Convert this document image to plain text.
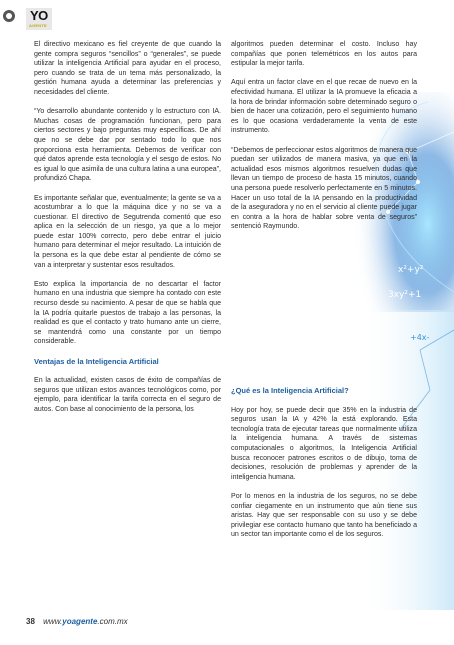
x²+y²
3xy²+1
+4x-
YO
AGENTE

El directivo mexicano es fiel creyente de que cuando la gente compra seguros “sencillos” o “generales”, se puede utilizar la inteligencia Artificial para ayudar en el proceso, pero cuando se trata de un tema más personalizado, la gestión humana ayuda a determinar las preferencias y necesidades del cliente.

“Yo desarrollo abundante contenido y lo estructuro con IA. Muchas cosas de programación funcionan, pero para ciertos sectores y bajo preguntas muy específicas. De ahí que no se debe dar por sentado todo lo que nos proporciona esta herramienta. Debemos de verificar con qué datos aprende esta tecnología y el sesgo de estos. No es igual lo que asimila de una cultura latina a una europea”, profundizó Chapa.

Es importante señalar que, eventualmente; la gente se va a acostumbrar a lo que la máquina dice y no se va a cuestionar. El directivo de Segutrenda comentó que eso aplica en la selección de un riesgo, ya que a lo mejor puede estar 100% correcto, pero debe entrar el juicio humano para determinar el mejor resultado. La intuición de la persona es la que debe estar al pendiente de cómo se van a interpretar y sustentar esos resultados.

Esto explica la importancia de no descartar el factor humano en una industria que siempre ha contado con este recurso desde su nacimiento. A pesar de que se habla que la IA podría quitarle puestos de trabajo a las personas, la realidad es que el contacto y trato humano ante un cierre, se mantendrá como una constante por un tiempo considerable.

Ventajas de la Inteligencia Artificial

En la actualidad, existen casos de éxito de compañías de seguros que utilizan estos avances tecnológicos como, por ejemplo, para identificar la tarifa correcta en el seguro de autos. Con base al conocimiento de la persona, los

algoritmos pueden determinar el costo. Incluso hay compañías que ponen telemétricos en los autos para estipular la mejor tarifa.

Aquí entra un factor clave en el que recae de nuevo en la efectividad humana. El utilizar la IA promueve la eficacia a la hora de brindar información sobre determinado seguro o bien de hacer una cotización, pero el seguimiento humano es lo que ocasiona verdaderamente la venta de este instrumento.

“Debemos de perfeccionar estos algoritmos de manera que puedan ser utilizados de manera masiva, ya que en la actualidad esos mismos algoritmos resuelven dudas que llevan un tiempo de proceso de hasta 15 minutos, cuando una persona puede resolverlo perfectamente en 5 minutos. Hacer un uso total de la IA pensando en la productividad de la aseguradora y no en el servicio al cliente puede jugar en contra a la hora de hablar sobre venta de seguros” sentenció Raymundo.

¿Qué es la Inteligencia Artificial?

Hoy por hoy, se puede decir que 35% en la industria de seguros usan la IA y 42% la está explorando. Esta tecnología trata de ejecutar tareas que normalmente utiliza la inteligencia humana. A través de sistemas computacionales o algoritmos, la Inteligencia Artificial busca reconocer patrones escritos o de dibujo, toma de decisiones, resolución de problemas y aprender de la inteligencia humana.

Por lo menos en la industria de los seguros, no se debe confiar ciegamente en un instrumento que aún tiene sus aristas. Hay que ser responsable con su uso y se debe privilegiar ese contacto humano que tanto ha beneficiado a un sector tan importante como el de los seguros.

38 www.yoagente.com.mx
